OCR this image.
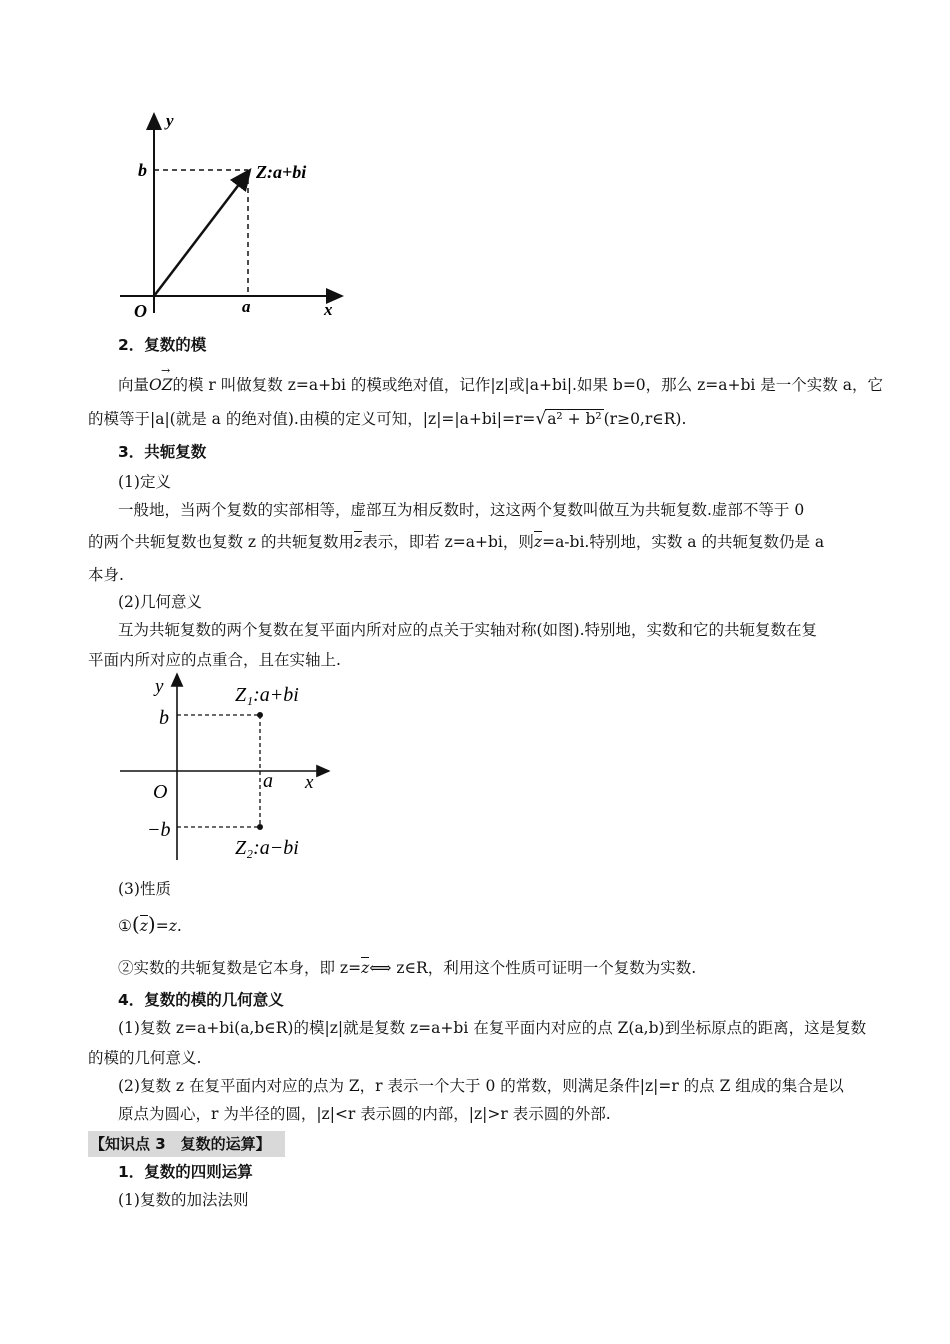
y
x
O
b
a
Z:a+bi
2．复数的模
向量
→
OZ的模 r 叫做复数 z=a+bi 的模或绝对值，记作|z|或|a+bi|.如果 b=0，那么 z=a+bi 是一个实数 a，它
的模等于|a|(就是 a 的绝对值).由模的定义可知，|z|=|a+bi|=r=√a² + b² (r≥0,r∈R).
3．共轭复数
(1)定义
一般地，当两个复数的实部相等，虚部互为相反数时，这这两个复数叫做互为共轭复数.虚部不等于 0
的两个共轭复数也复数 z 的共轭复数用
z表示，即若 z=a+bi，则
z=a-bi.特别地，实数 a 的共轭复数仍是 a
本身.
(2)几何意义
互为共轭复数的两个复数在复平面内所对应的点关于实轴对称(如图).特别地，实数和它的共轭复数在复
平面内所对应的点重合，且在实轴上.
y
x
O
b
−b
a
Z₁:a+bi
Z₂:a−bi
(3)性质
①(
z)=z.
②实数的共轭复数是它本身，即 z=
z⟺ z∈R，利用这个性质可证明一个复数为实数.
4．复数的模的几何意义
(1)复数 z=a+bi(a,b∈R)的模|z|就是复数 z=a+bi 在复平面内对应的点 Z(a,b)到坐标原点的距离，这是复数
的模的几何意义.
(2)复数 z 在复平面内对应的点为 Z，r 表示一个大于 0 的常数，则满足条件|z|=r 的点 Z 组成的集合是以
原点为圆心，r 为半径的圆，|z|<r 表示圆的内部，|z|>r 表示圆的外部.
【知识点 3　复数的运算】
1．复数的四则运算
(1)复数的加法法则
